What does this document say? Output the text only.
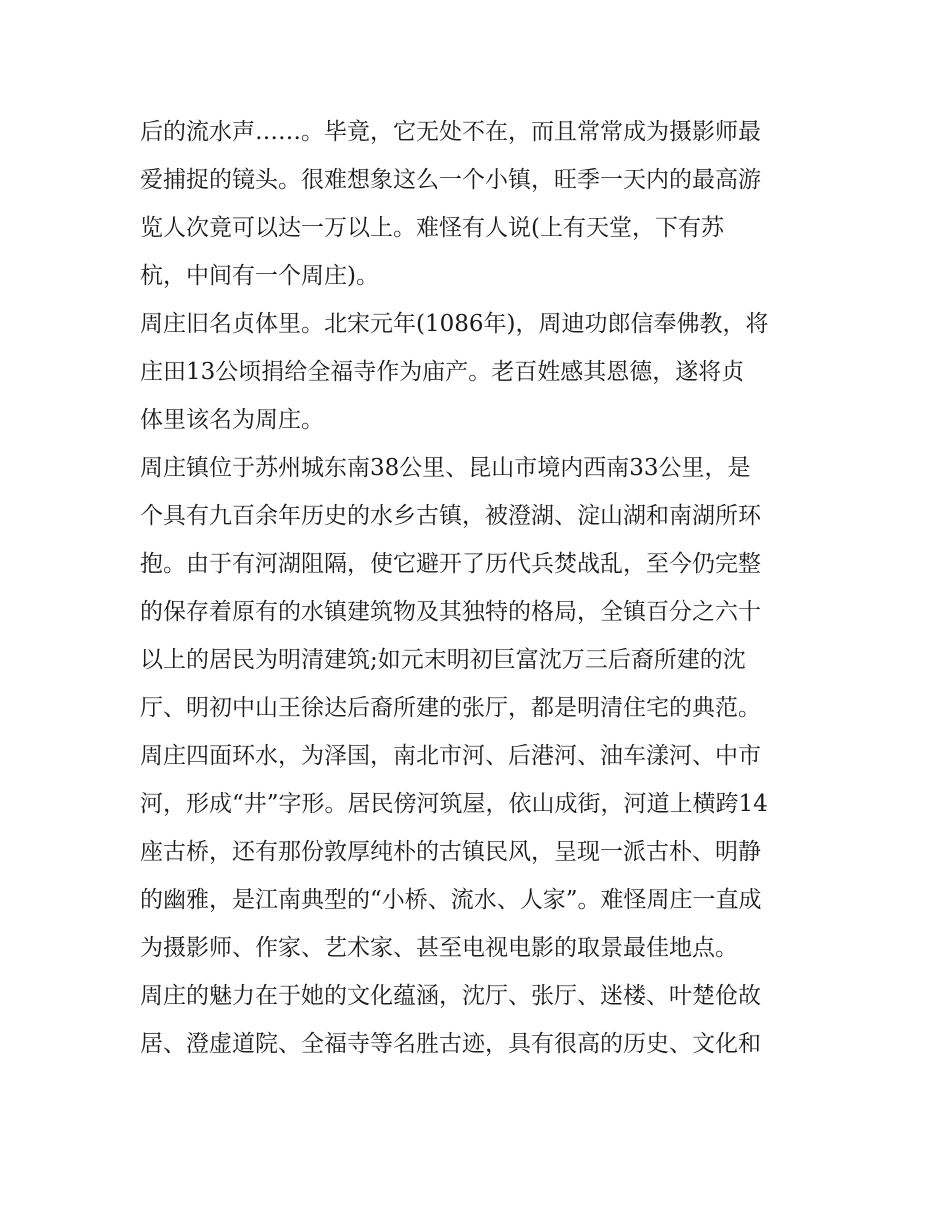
后的流水声……。毕竟，它无处不在，而且常常成为摄影师最
爱捕捉的镜头。很难想象这么一个小镇，旺季一天内的最高游
览人次竟可以达一万以上。难怪有人说(上有天堂，下有苏
杭，中间有一个周庄)。
周庄旧名贞体里。北宋元年(1086年)，周迪功郎信奉佛教，将
庄田13公顷捐给全福寺作为庙产。老百姓感其恩德，遂将贞
体里该名为周庄。
周庄镇位于苏州城东南38公里、昆山市境内西南33公里，是
个具有九百余年历史的水乡古镇，被澄湖、淀山湖和南湖所环
抱。由于有河湖阻隔，使它避开了历代兵焚战乱，至今仍完整
的保存着原有的水镇建筑物及其独特的格局，全镇百分之六十
以上的居民为明清建筑;如元末明初巨富沈万三后裔所建的沈
厅、明初中山王徐达后裔所建的张厅，都是明清住宅的典范。
周庄四面环水，为泽国，南北市河、后港河、油车漾河、中市
河，形成“井”字形。居民傍河筑屋，依山成街，河道上横跨14
座古桥，还有那份敦厚纯朴的古镇民风，呈现一派古朴、明静
的幽雅，是江南典型的“小桥、流水、人家”。难怪周庄一直成
为摄影师、作家、艺术家、甚至电视电影的取景最佳地点。
周庄的魅力在于她的文化蕴涵，沈厅、张厅、迷楼、叶楚伧故
居、澄虚道院、全福寺等名胜古迹，具有很高的历史、文化和
